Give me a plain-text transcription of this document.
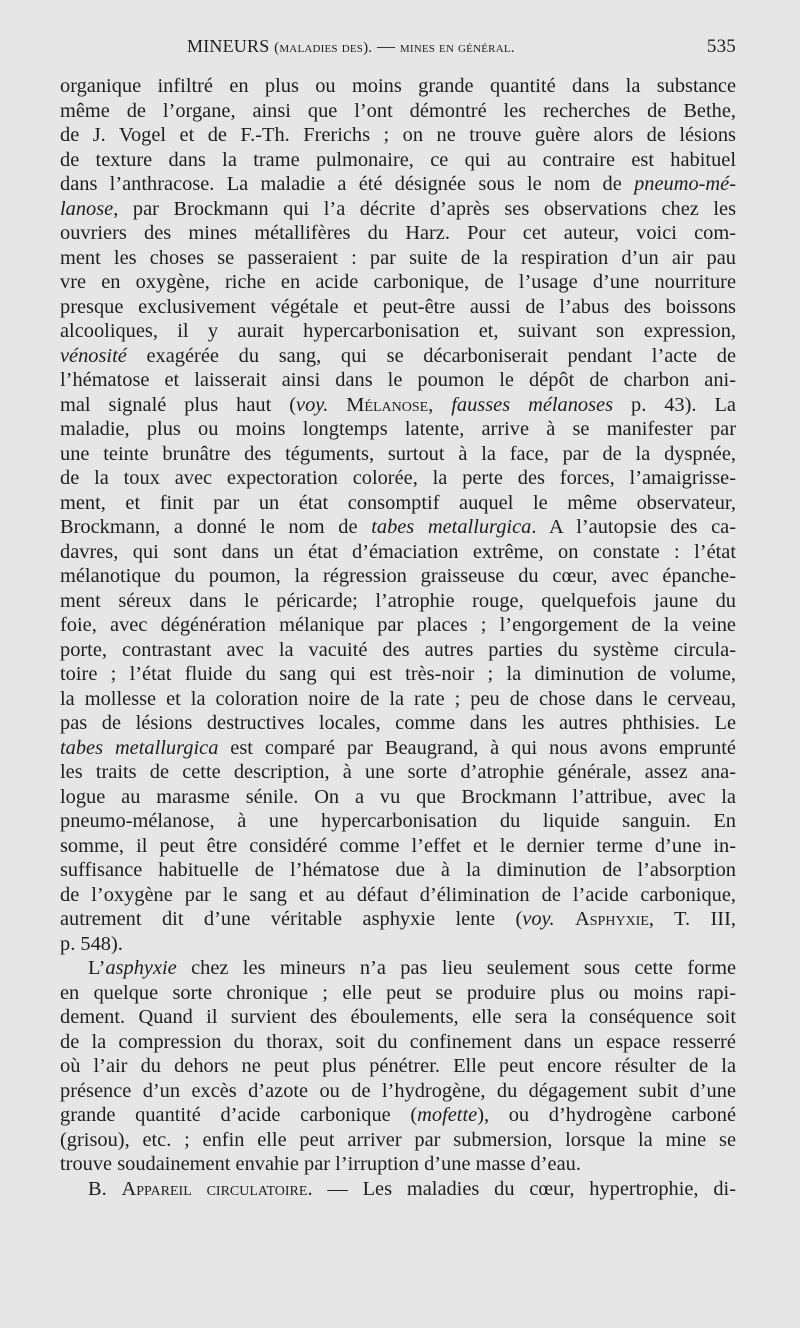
MINEURS (maladies des). — mines en général.	535
organique infiltré en plus ou moins grande quantité dans la substance
même de l’organe, ainsi que l’ont démontré les recherches de Bethe,
de J. Vogel et de F.-Th. Frerichs ; on ne trouve guère alors de lésions
de texture dans la trame pulmonaire, ce qui au contraire est habituel
dans l’anthracose. La maladie a été désignée sous le nom de pneumo-mé-
lanose, par Brockmann qui l’a décrite d’après ses observations chez les
ouvriers des mines métallifères du Harz. Pour cet auteur, voici com-
ment les choses se passeraient : par suite de la respiration d’un air pau
vre en oxygène, riche en acide carbonique, de l’usage d’une nourriture
presque exclusivement végétale et peut-être aussi de l’abus des boissons
alcooliques, il y aurait hypercarbonisation et, suivant son expression,
vénosité exagérée du sang, qui se décarboniserait pendant l’acte de
l’hématose et laisserait ainsi dans le poumon le dépôt de charbon ani-
mal signalé plus haut (voy. Mélanose, fausses mélanoses p. 43). La
maladie, plus ou moins longtemps latente, arrive à se manifester par
une teinte brunâtre des téguments, surtout à la face, par de la dyspnée,
de la toux avec expectoration colorée, la perte des forces, l’amaigrisse-
ment, et finit par un état consomptif auquel le même observateur,
Brockmann, a donné le nom de tabes metallurgica. A l’autopsie des ca-
davres, qui sont dans un état d’émaciation extrême, on constate : l’état
mélanotique du poumon, la régression graisseuse du cœur, avec épanche-
ment séreux dans le péricarde; l’atrophie rouge, quelquefois jaune du
foie, avec dégénération mélanique par places ; l’engorgement de la veine
porte, contrastant avec la vacuité des autres parties du système circula-
toire ; l’état fluide du sang qui est très-noir ; la diminution de volume,
la mollesse et la coloration noire de la rate ; peu de chose dans le cerveau,
pas de lésions destructives locales, comme dans les autres phthisies. Le
tabes metallurgica est comparé par Beaugrand, à qui nous avons emprunté
les traits de cette description, à une sorte d’atrophie générale, assez ana-
logue au marasme sénile. On a vu que Brockmann l’attribue, avec la
pneumo-mélanose, à une hypercarbonisation du liquide sanguin. En
somme, il peut être considéré comme l’effet et le dernier terme d’une in-
suffisance habituelle de l’hématose due à la diminution de l’absorption
de l’oxygène par le sang et au défaut d’élimination de l’acide carbonique,
autrement dit d’une véritable asphyxie lente (voy. Asphyxie, T. III,
p. 548).
L’asphyxie chez les mineurs n’a pas lieu seulement sous cette forme
en quelque sorte chronique ; elle peut se produire plus ou moins rapi-
dement. Quand il survient des éboulements, elle sera la conséquence soit
de la compression du thorax, soit du confinement dans un espace resserré
où l’air du dehors ne peut plus pénétrer. Elle peut encore résulter de la
présence d’un excès d’azote ou de l’hydrogène, du dégagement subit d’une
grande quantité d’acide carbonique (mofette), ou d’hydrogène carboné
(grisou), etc. ; enfin elle peut arriver par submersion, lorsque la mine se
trouve soudainement envahie par l’irruption d’une masse d’eau.
B. Appareil circulatoire. — Les maladies du cœur, hypertrophie, di-
